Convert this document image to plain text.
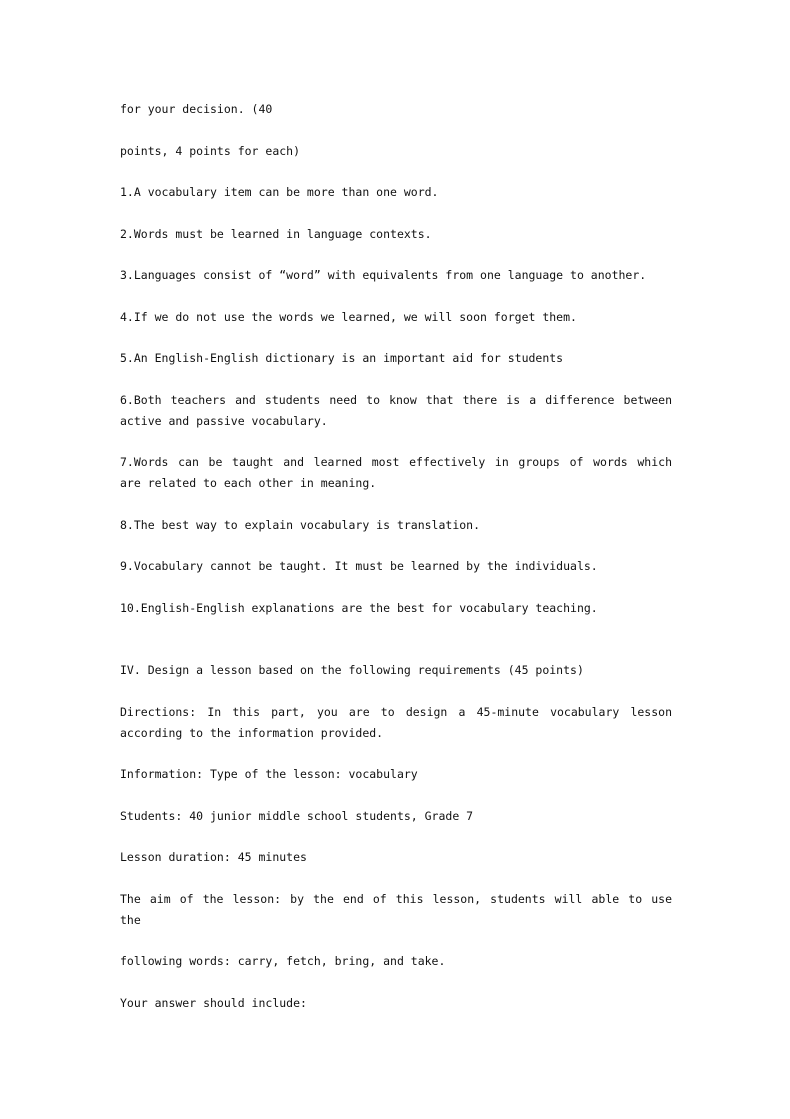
for your decision. (40
points, 4 points for each)
1.A vocabulary item can be more than one word.
2.Words must be learned in language contexts.
3.Languages consist of “word” with equivalents from one language to another.
4.If we do not use the words we learned, we will soon forget them.
5.An English-English dictionary is an important aid for students
6.Both teachers and students need to know that there is a difference between
active and passive vocabulary.
7.Words can be taught and learned most effectively in groups of words which
are related to each other in meaning.
8.The best way to explain vocabulary is translation.
9.Vocabulary cannot be taught. It must be learned by the individuals.
10.English-English explanations are the best for vocabulary teaching.
IV. Design a lesson based on the following requirements (45 points)
Directions: In this part, you are to design a 45-minute vocabulary lesson
according to the information provided.
Information: Type of the lesson: vocabulary
Students: 40 junior middle school students, Grade 7
Lesson duration: 45 minutes
The aim of the lesson: by the end of this lesson, students will able to use
the
following words: carry, fetch, bring, and take.
Your answer should include:
